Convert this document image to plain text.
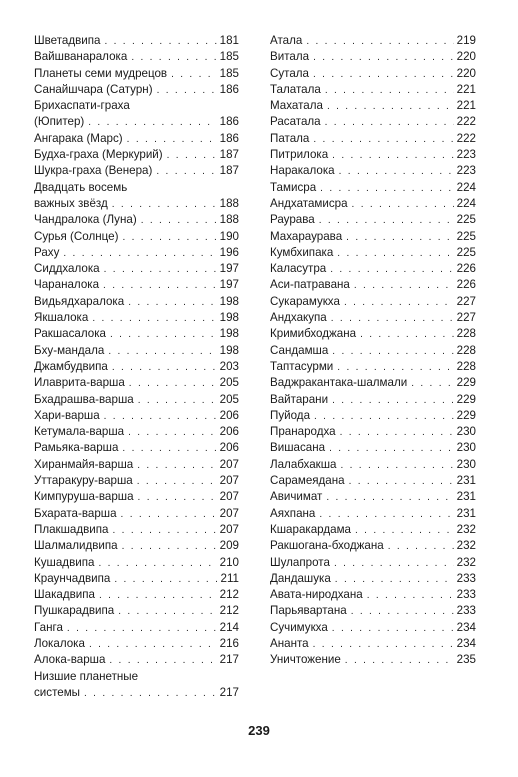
Шветадвипа . . .	181
Вайшванаралока . . .	185
Планеты семи мудрецов . . .	185
Санайшчара (Сатурн) . . .	186
Брихаспати-граха
(Юпитер) . . .	186
Ангарака (Марс) . . .	186
Будха-граха (Меркурий) . . .	187
Шукра-граха (Венера) . . .	187
Двадцать восемь
важных звёзд . . .	188
Чандралока (Луна) . . .	188
Сурья (Солнце) . . .	190
Раху . . .	196
Сиддхалока . . .	197
Чараналока . . .	197
Видьядхаралока . . .	198
Якшалока . . .	198
Ракшасалока . . .	198
Бху-мандала . . .	198
Джамбудвипа . . .	203
Илаврита-варша . . .	205
Бхадрашва-варша . . .	205
Хари-варша . . .	206
Кетумала-варша . . .	206
Рамьяка-варша . . .	206
Хиранмайя-варша . . .	207
Уттаракуру-варша . . .	207
Кимпуруша-варша . . .	207
Бхарата-варша . . .	207
Плакшадвипа . . .	207
Шалмалидвипа . . .	209
Кушадвипа . . .	210
Краунчадвипа . . .	211
Шакадвипа . . .	212
Пушкарадвипа . . .	212
Ганга . . .	214
Локалока . . .	216
Алока-варша . . .	217
Низшие планетные
системы . . .	217
Атала . . .	219
Витала . . .	220
Сутала . . .	220
Талатала . . .	221
Махатала . . .	221
Расатала . . .	222
Патала . . .	222
Питрилока . . .	223
Наракалока . . .	223
Тамисра . . .	224
Андхатамисра . . .	224
Раурава . . .	225
Махараурава . . .	225
Кумбхипака . . .	225
Каласутра . . .	226
Аси-патравана . . .	226
Сукарамукха . . .	227
Андхакупа . . .	227
Кримибходжана . . .	228
Сандамша . . .	228
Таптасурми . . .	228
Ваджракантака-шалмали . . .	229
Вайтарани . . .	229
Пуйода . . .	229
Пранародха . . .	230
Вишасана . . .	230
Лалабхакша . . .	230
Сарамеядана . . .	231
Авичимат . . .	231
Аяхпана . . .	231
Кшаракардама . . .	232
Ракшогана-бходжана . . .	232
Шулапрота . . .	232
Дандашука . . .	233
Авата-ниродхана . . .	233
Парьявартана . . .	233
Сучимукха . . .	234
Ананта . . .	234
Уничтожение . . .	235
239
